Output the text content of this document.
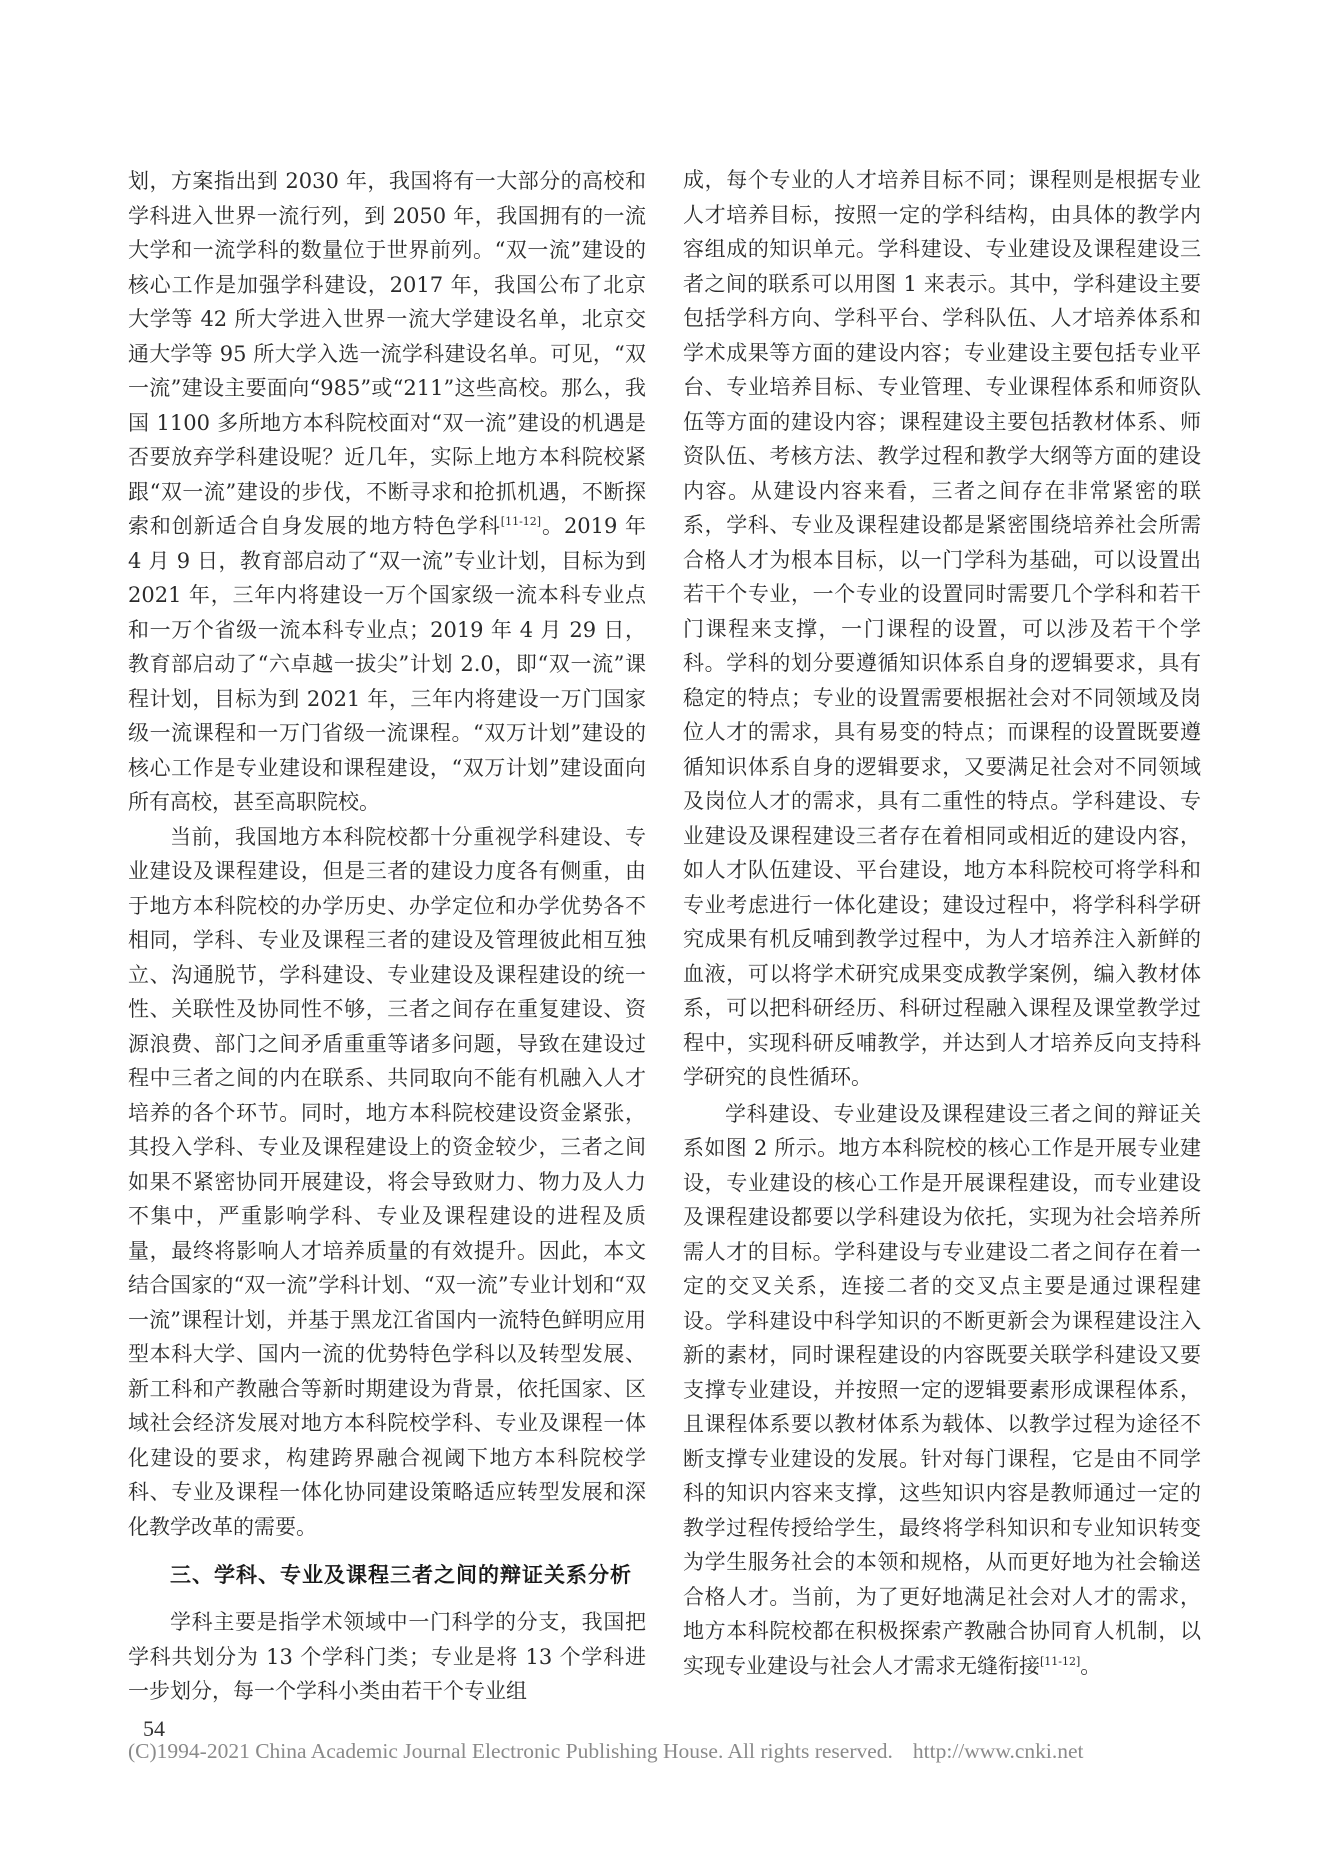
划，方案指出到 2030 年，我国将有一大部分的高校和学科进入世界一流行列，到 2050 年，我国拥有的一流大学和一流学科的数量位于世界前列。“双一流”建设的核心工作是加强学科建设，2017 年，我国公布了北京大学等 42 所大学进入世界一流大学建设名单，北京交通大学等 95 所大学入选一流学科建设名单。可见，“双一流”建设主要面向“985”或“211”这些高校。那么，我国 1100 多所地方本科院校面对“双一流”建设的机遇是否要放弃学科建设呢？近几年，实际上地方本科院校紧跟“双一流”建设的步伐，不断寻求和抢抓机遇，不断探索和创新适合自身发展的地方特色学科[11-12]。2019 年 4 月 9 日，教育部启动了“双一流”专业计划，目标为到 2021 年，三年内将建设一万个国家级一流本科专业点和一万个省级一流本科专业点；2019 年 4 月 29 日，教育部启动了“六卓越一拔尖”计划 2.0，即“双一流”课程计划，目标为到 2021 年，三年内将建设一万门国家级一流课程和一万门省级一流课程。“双万计划”建设的核心工作是专业建设和课程建设，“双万计划”建设面向所有高校，甚至高职院校。

当前，我国地方本科院校都十分重视学科建设、专业建设及课程建设，但是三者的建设力度各有侧重，由于地方本科院校的办学历史、办学定位和办学优势各不相同，学科、专业及课程三者的建设及管理彼此相互独立、沟通脱节，学科建设、专业建设及课程建设的统一性、关联性及协同性不够，三者之间存在重复建设、资源浪费、部门之间矛盾重重等诸多问题，导致在建设过程中三者之间的内在联系、共同取向不能有机融入人才培养的各个环节。同时，地方本科院校建设资金紧张，其投入学科、专业及课程建设上的资金较少，三者之间如果不紧密协同开展建设，将会导致财力、物力及人力不集中，严重影响学科、专业及课程建设的进程及质量，最终将影响人才培养质量的有效提升。因此，本文结合国家的“双一流”学科计划、“双一流”专业计划和“双一流”课程计划，并基于黑龙江省国内一流特色鲜明应用型本科大学、国内一流的优势特色学科以及转型发展、新工科和产教融合等新时期建设为背景，依托国家、区域社会经济发展对地方本科院校学科、专业及课程一体化建设的要求，构建跨界融合视阈下地方本科院校学科、专业及课程一体化协同建设策略适应转型发展和深化教学改革的需要。

三、学科、专业及课程三者之间的辩证关系分析

学科主要是指学术领域中一门科学的分支，我国把学科共划分为 13 个学科门类；专业是将 13 个学科进一步划分，每一个学科小类由若干个专业组

成，每个专业的人才培养目标不同；课程则是根据专业人才培养目标，按照一定的学科结构，由具体的教学内容组成的知识单元。学科建设、专业建设及课程建设三者之间的联系可以用图 1 来表示。其中，学科建设主要包括学科方向、学科平台、学科队伍、人才培养体系和学术成果等方面的建设内容；专业建设主要包括专业平台、专业培养目标、专业管理、专业课程体系和师资队伍等方面的建设内容；课程建设主要包括教材体系、师资队伍、考核方法、教学过程和教学大纲等方面的建设内容。从建设内容来看，三者之间存在非常紧密的联系，学科、专业及课程建设都是紧密围绕培养社会所需合格人才为根本目标，以一门学科为基础，可以设置出若干个专业，一个专业的设置同时需要几个学科和若干门课程来支撑，一门课程的设置，可以涉及若干个学科。学科的划分要遵循知识体系自身的逻辑要求，具有稳定的特点；专业的设置需要根据社会对不同领域及岗位人才的需求，具有易变的特点；而课程的设置既要遵循知识体系自身的逻辑要求，又要满足社会对不同领域及岗位人才的需求，具有二重性的特点。学科建设、专业建设及课程建设三者存在着相同或相近的建设内容，如人才队伍建设、平台建设，地方本科院校可将学科和专业考虑进行一体化建设；建设过程中，将学科科学研究成果有机反哺到教学过程中，为人才培养注入新鲜的血液，可以将学术研究成果变成教学案例，编入教材体系，可以把科研经历、科研过程融入课程及课堂教学过程中，实现科研反哺教学，并达到人才培养反向支持科学研究的良性循环。

学科建设、专业建设及课程建设三者之间的辩证关系如图 2 所示。地方本科院校的核心工作是开展专业建设，专业建设的核心工作是开展课程建设，而专业建设及课程建设都要以学科建设为依托，实现为社会培养所需人才的目标。学科建设与专业建设二者之间存在着一定的交叉关系，连接二者的交叉点主要是通过课程建设。学科建设中科学知识的不断更新会为课程建设注入新的素材，同时课程建设的内容既要关联学科建设又要支撑专业建设，并按照一定的逻辑要素形成课程体系，且课程体系要以教材体系为载体、以教学过程为途径不断支撑专业建设的发展。针对每门课程，它是由不同学科的知识内容来支撑，这些知识内容是教师通过一定的教学过程传授给学生，最终将学科知识和专业知识转变为学生服务社会的本领和规格，从而更好地为社会输送合格人才。当前，为了更好地满足社会对人才的需求，地方本科院校都在积极探索产教融合协同育人机制，以实现专业建设与社会人才需求无缝衔接[11-12]。

54
(C)1994-2021 China Academic Journal Electronic Publishing House. All rights reserved. http://www.cnki.net
